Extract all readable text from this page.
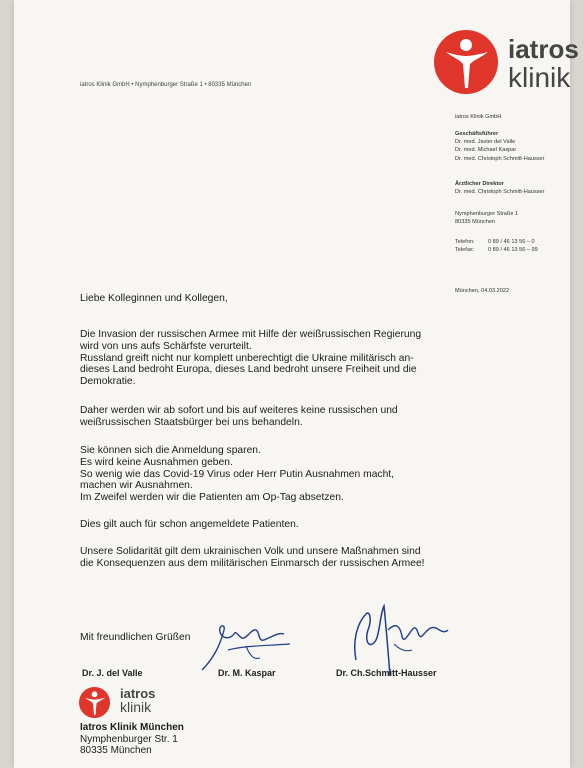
iatros
klinik
iatros Klinik GmbH • Nymphenburger Straße 1 • 80335 München
iatros Klinik GmbH
Geschäftsführer
Dr. med. Javier del Valle
Dr. med. Michael Kaspar
Dr. med. Christoph Schmitt-Hausser
Ärztlicher Direktor
Dr. med. Christoph Schmitt-Hausser
Nymphenburger Straße 1
80335 München
Telefon: 0 89 / 46 13 56 – 0
Telefax: 0 89 / 46 13 56 – 99
München, 04.03.2022

Liebe Kolleginnen und Kollegen,

Die Invasion der russischen Armee mit Hilfe der weißrussischen Regierung

wird von uns aufs Schärfste verurteilt.

Russland greift nicht nur komplett unberechtigt die Ukraine militärisch an-

dieses Land bedroht Europa, dieses Land bedroht unsere Freiheit und die

Demokratie.

Daher werden wir ab sofort und bis auf weiteres keine russischen und

weißrussischen Staatsbürger bei uns behandeln.

Sie können sich die Anmeldung sparen.

Es wird keine Ausnahmen geben.

So wenig wie das Covid-19 Virus oder Herr Putin Ausnahmen macht,

machen wir Ausnahmen.

Im Zweifel werden wir die Patienten am Op-Tag absetzen.

Dies gilt auch für schon angemeldete Patienten.

Unsere Solidarität gilt dem ukrainischen Volk und unsere Maßnahmen sind

die Konsequenzen aus dem militärischen Einmarsch der russischen Armee!

Mit freundlichen Grüßen

Dr. J. del Valle	Dr. M. Kaspar	Dr. Ch.Schmitt-Hausser
iatros
klinik
Iatros Klinik München
Nymphenburger Str. 1
80335 München
